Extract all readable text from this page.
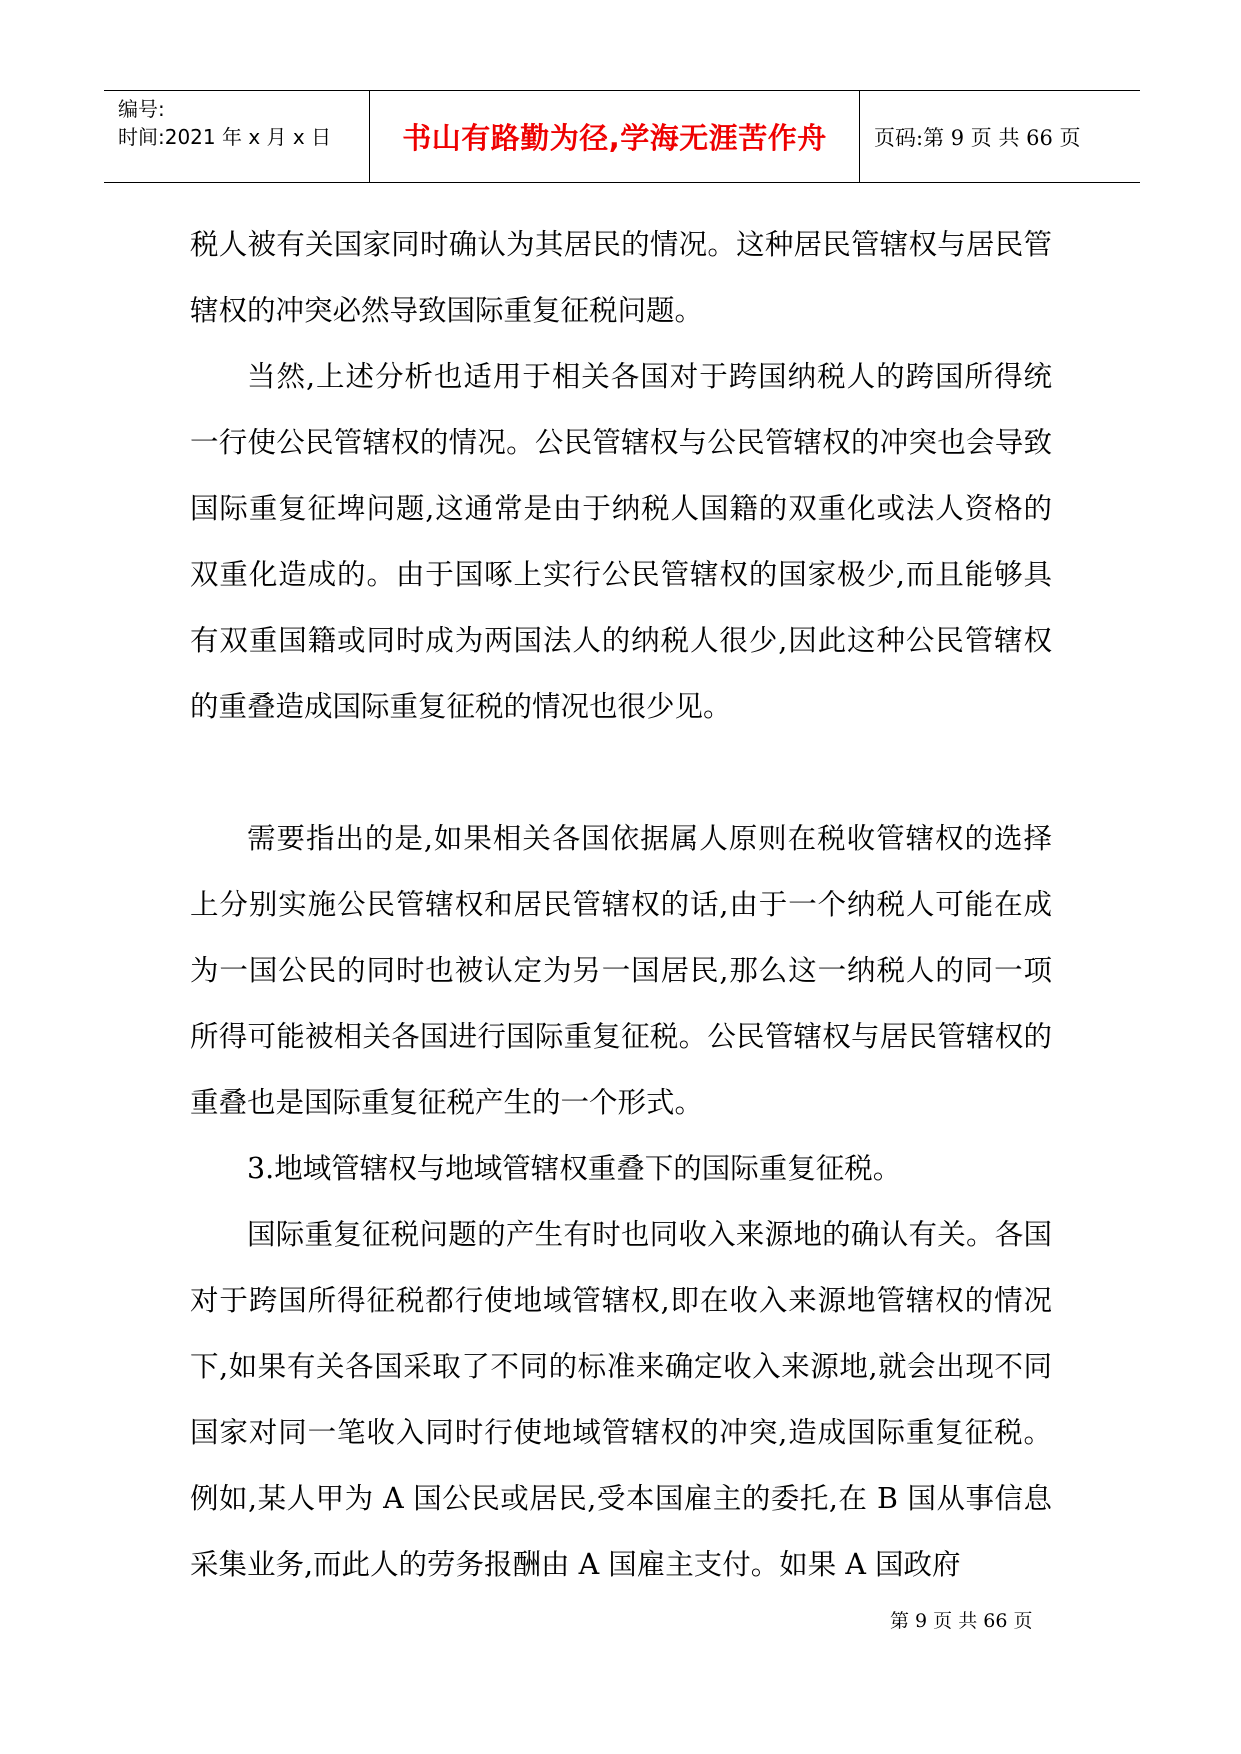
编号:
时间:2021 年 x 月 x 日	书山有路勤为径,学海无涯苦作舟	页码:第 9 页 共 66 页

税人被有关国家同时确认为其居民的情况。这种居民管辖权与居民管辖权的冲突必然导致国际重复征税问题。

当然,上述分析也适用于相关各国对于跨国纳税人的跨国所得统一行使公民管辖权的情况。公民管辖权与公民管辖权的冲突也会导致国际重复征埤问题,这通常是由于纳税人国籍的双重化或法人资格的双重化造成的。由于国啄上实行公民管辖权的国家极少,而且能够具有双重国籍或同时成为两国法人的纳税人很少,因此这种公民管辖权的重叠造成国际重复征税的情况也很少见。

需要指出的是,如果相关各国依据属人原则在税收管辖权的选择上分别实施公民管辖权和居民管辖权的话,由于一个纳税人可能在成为一国公民的同时也被认定为另一国居民,那么这一纳税人的同一项所得可能被相关各国进行国际重复征税。公民管辖权与居民管辖权的重叠也是国际重复征税产生的一个形式。

3.地域管辖权与地域管辖权重叠下的国际重复征税。

国际重复征税问题的产生有时也同收入来源地的确认有关。各国对于跨国所得征税都行使地域管辖权,即在收入来源地管辖权的情况下,如果有关各国采取了不同的标准来确定收入来源地,就会出现不同国家对同一笔收入同时行使地域管辖权的冲突,造成国际重复征税。例如,某人甲为 A 国公民或居民,受本国雇主的委托,在 B 国从事信息采集业务,而此人的劳务报酬由 A 国雇主支付。如果 A 国政府

第 9 页 共 66 页
